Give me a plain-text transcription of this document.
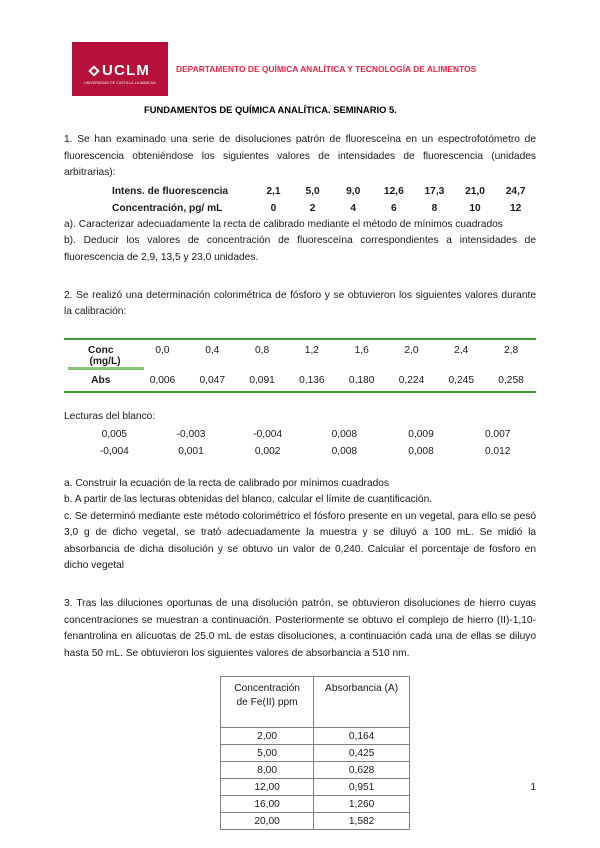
UCLM
UNIVERSIDAD DE CASTILLA-LA MANCHA
DEPARTAMENTO DE QUÍMICA ANALÍTICA Y TECNOLOGÍA DE ALIMENTOS
FUNDAMENTOS DE QUÍMICA ANALÍTICA. SEMINARIO 5.

1. Se han examinado una serie de disoluciones patrón de fluoresceína en un espectrofotómetro de fluorescencia obteniéndose los siguientes valores de intensidades de fluorescencia (unidades arbitrarias):

Intens. de fluorescencia	2,1	5,0	9,0	12,6	17,3	21,0	24,7
Concentración, pg/ mL	0	2	4	6	8	10	12

a). Caracterizar adecuadamente la recta de calibrado mediante el método de mínimos cuadrados

b). Deducir los valores de concentración de fluoresceína correspondientes a intensidades de fluorescencia de 2,9, 13,5 y 23,0 unidades.

2. Se realizó una determinación colorimétrica de fósforo y se obtuvieron los siguientes valores durante la calibración:

Conc	0,0	0,4	0,8	1,2	1,6	2,0	2,4	2,8
(mg/L)
Abs	0,006	0,047	0,091	0,136	0,180	0,224	0,245	0,258

Lecturas del blanco:

0,005	-0,003	-0,004	0,008	0,009	0,007
-0,004	0,001	0,002	0,008	0,008	0,012

a. Construir la ecuación de la recta de calibrado por mínimos cuadrados

b. A partir de las lecturas obtenidas del blanco, calcular el límite de cuantificación.

c. Se determinó mediante este método colorimétrico el fósforo presente en un vegetal, para ello se pesó 3,0 g de dicho vegetal, se trató adecuadamente la muestra y se diluyó a 100 mL. Se midió la absorbancia de dicha disolución y se obtuvo un valor de 0,240. Calcular el porcentaje de fosforo en dicho vegetal

3. Tras las diluciones oportunas de una disolución patrón, se obtuvieron disoluciones de hierro cuyas concentraciones se muestran a continuación. Posteriormente se obtuvo el complejo de hierro (II)-1,10-fenantrolina en alícuotas de 25.0 mL de estas disoluciones, a continuación cada una de ellas se diluyo hasta 50 mL. Se obtuvieron los siguientes valores de absorbancia a 510 nm.

Concentración
de Fe(II) ppm	Absorbancia (A)
2,00	0,164
5,00	0,425
8,00	0,628
12,00	0,951
16,00	1,260
20,00	1,582
1
